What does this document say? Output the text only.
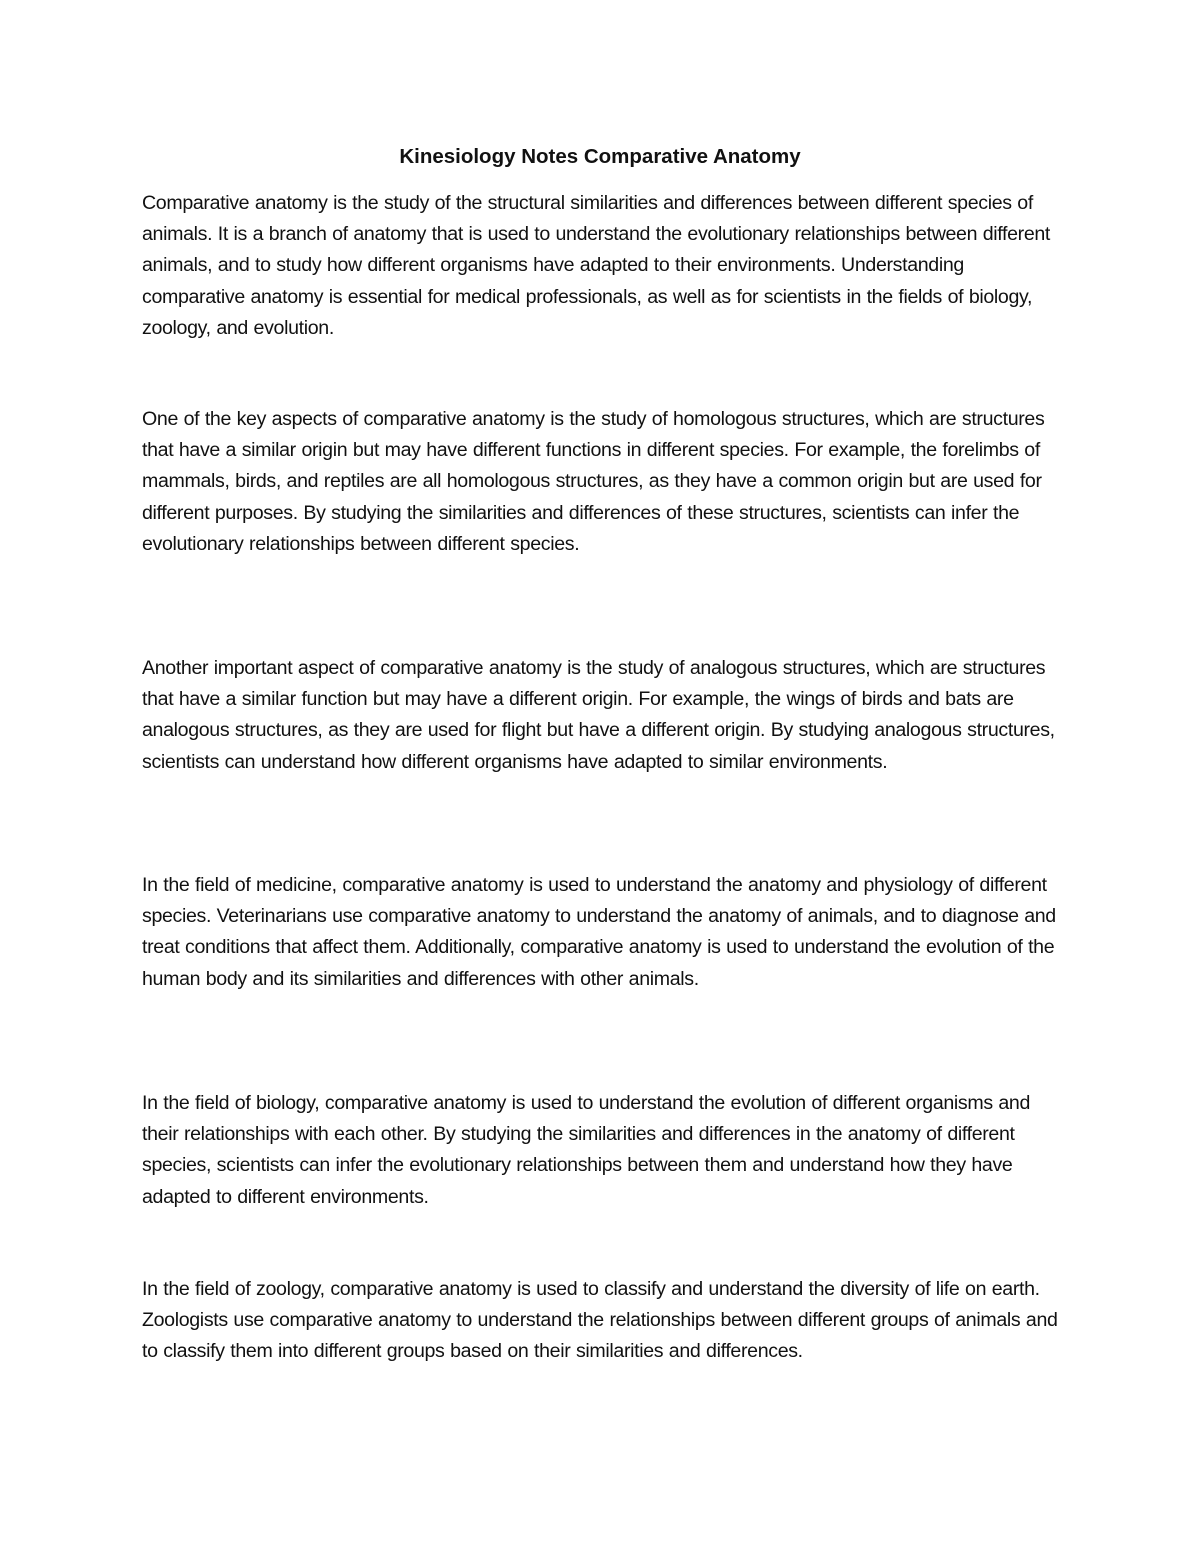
Kinesiology Notes Comparative Anatomy

Comparative anatomy is the study of the structural similarities and differences between different species of animals. It is a branch of anatomy that is used to understand the evolutionary relationships between different animals, and to study how different organisms have adapted to their environments. Understanding comparative anatomy is essential for medical professionals, as well as for scientists in the fields of biology, zoology, and evolution.

One of the key aspects of comparative anatomy is the study of homologous structures, which are structures that have a similar origin but may have different functions in different species. For example, the forelimbs of mammals, birds, and reptiles are all homologous structures, as they have a common origin but are used for different purposes. By studying the similarities and differences of these structures, scientists can infer the evolutionary relationships between different species.

Another important aspect of comparative anatomy is the study of analogous structures, which are structures that have a similar function but may have a different origin. For example, the wings of birds and bats are analogous structures, as they are used for flight but have a different origin. By studying analogous structures, scientists can understand how different organisms have adapted to similar environments.

In the field of medicine, comparative anatomy is used to understand the anatomy and physiology of different species. Veterinarians use comparative anatomy to understand the anatomy of animals, and to diagnose and treat conditions that affect them. Additionally, comparative anatomy is used to understand the evolution of the human body and its similarities and differences with other animals.

In the field of biology, comparative anatomy is used to understand the evolution of different organisms and their relationships with each other. By studying the similarities and differences in the anatomy of different species, scientists can infer the evolutionary relationships between them and understand how they have adapted to different environments.

In the field of zoology, comparative anatomy is used to classify and understand the diversity of life on earth. Zoologists use comparative anatomy to understand the relationships between different groups of animals and to classify them into different groups based on their similarities and differences.
